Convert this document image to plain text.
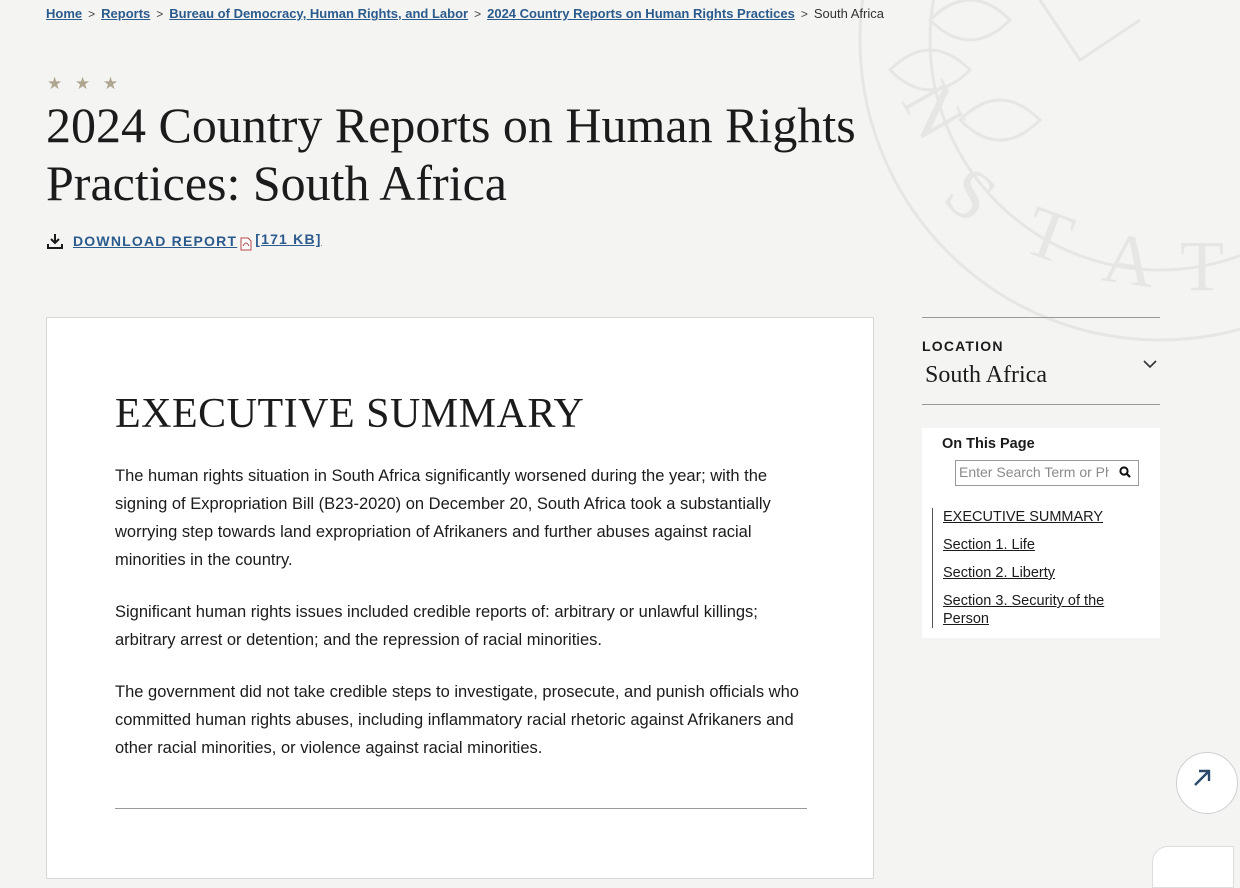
N
S T A T
Home > Reports > Bureau of Democracy, Human Rights, and Labor > 2024 Country Reports on Human Rights Practices > South Africa
★ ★ ★
2024 Country Reports on Human Rights Practices: South Africa
DOWNLOAD REPORT [171 KB]
EXECUTIVE SUMMARY

The human rights situation in South Africa significantly worsened during the year; with the signing of Expropriation Bill (B23-2020) on December 20, South Africa took a substantially worrying step towards land expropriation of Afrikaners and further abuses against racial minorities in the country.

Significant human rights issues included credible reports of: arbitrary or unlawful killings; arbitrary arrest or detention; and the repression of racial minorities.

The government did not take credible steps to investigate, prosecute, and punish officials who committed human rights abuses, including inflammatory racial rhetoric against Afrikaners and other racial minorities, or violence against racial minorities.

LOCATION
South Africa
On This Page
Enter Search Term or Phrase
EXECUTIVE SUMMARY
Section 1. Life
Section 2. Liberty
Section 3. Security of the Person
